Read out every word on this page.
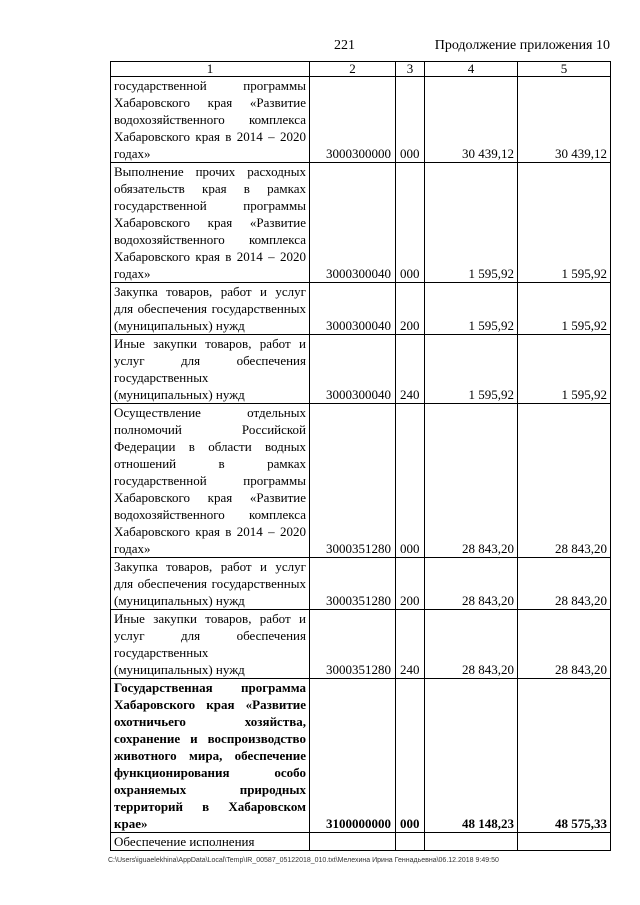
221	Продолжение приложения 10
1	2	3	4	5
государственной программы Хабаровского края «Развитие водохозяйственного комплекса Хабаровского края в 2014 – 2020 годах»	3000300000	000	30 439,12	30 439,12
Выполнение прочих расходных обязательств края в рамках государственной программы Хабаровского края «Развитие водохозяйственного комплекса Хабаровского края в 2014 – 2020 годах»	3000300040	000	1 595,92	1 595,92
Закупка товаров, работ и услуг для обеспечения государственных (муниципальных) нужд	3000300040	200	1 595,92	1 595,92
Иные закупки товаров, работ и услуг для обеспечения государственных (муниципальных) нужд	3000300040	240	1 595,92	1 595,92
Осуществление отдельных полномочий Российской Федерации в области водных отношений в рамках государственной программы Хабаровского края «Развитие водохозяйственного комплекса Хабаровского края в 2014 – 2020 годах»	3000351280	000	28 843,20	28 843,20
Закупка товаров, работ и услуг для обеспечения государственных (муниципальных) нужд	3000351280	200	28 843,20	28 843,20
Иные закупки товаров, работ и услуг для обеспечения государственных (муниципальных) нужд	3000351280	240	28 843,20	28 843,20
Государственная программа Хабаровского края «Развитие охотничьего хозяйства, сохранение и воспроизводство животного мира, обеспечение функционирования особо охраняемых природных территорий в Хабаровском крае»	3100000000	000	48 148,23	48 575,33
Обеспечение исполнения				
C:\Users\iguaelekhina\AppData\Local\Temp\IR_00587_05122018_010.txt\Мелехина Ирина Геннадьевна\06.12.2018 9:49:50
